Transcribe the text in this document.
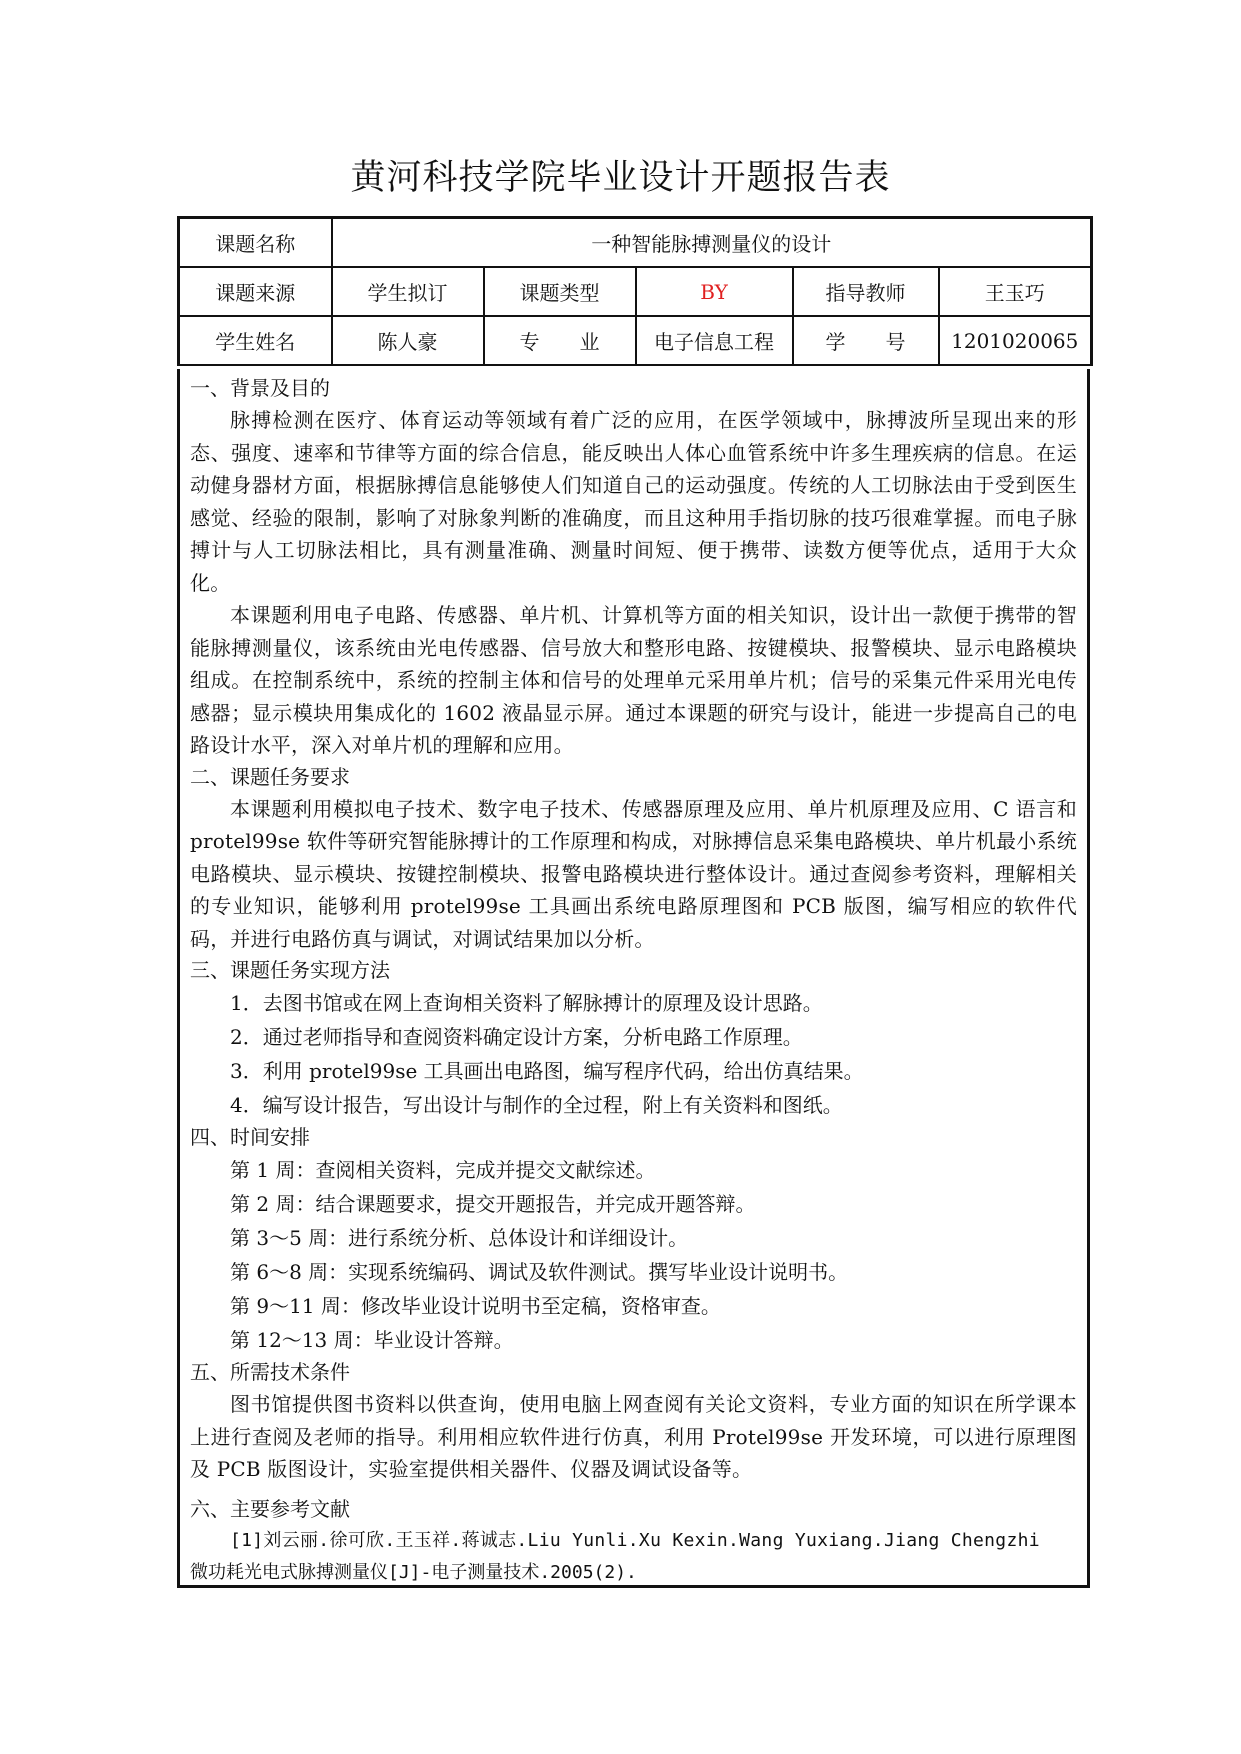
黄河科技学院毕业设计开题报告表
课题名称	一种智能脉搏测量仪的设计				
课题来源	学生拟订	课题类型	BY	指导教师	王玉巧
学生姓名	陈人豪	专　　业	电子信息工程	学　　号	1201020065

一、背景及目的

脉搏检测在医疗、体育运动等领域有着广泛的应用，在医学领域中，脉搏波所呈现出来的形态、强度、速率和节律等方面的综合信息，能反映出人体心血管系统中许多生理疾病的信息。在运动健身器材方面，根据脉搏信息能够使人们知道自己的运动强度。传统的人工切脉法由于受到医生感觉、经验的限制，影响了对脉象判断的准确度，而且这种用手指切脉的技巧很难掌握。而电子脉搏计与人工切脉法相比，具有测量准确、测量时间短、便于携带、读数方便等优点，适用于大众化。

本课题利用电子电路、传感器、单片机、计算机等方面的相关知识，设计出一款便于携带的智能脉搏测量仪，该系统由光电传感器、信号放大和整形电路、按键模块、报警模块、显示电路模块组成。在控制系统中，系统的控制主体和信号的处理单元采用单片机；信号的采集元件采用光电传感器；显示模块用集成化的 1602 液晶显示屏。通过本课题的研究与设计，能进一步提高自己的电路设计水平，深入对单片机的理解和应用。

二、课题任务要求

本课题利用模拟电子技术、数字电子技术、传感器原理及应用、单片机原理及应用、C 语言和 protel99se 软件等研究智能脉搏计的工作原理和构成，对脉搏信息采集电路模块、单片机最小系统电路模块、显示模块、按键控制模块、报警电路模块进行整体设计。通过查阅参考资料，理解相关的专业知识，能够利用 protel99se 工具画出系统电路原理图和 PCB 版图，编写相应的软件代码，并进行电路仿真与调试，对调试结果加以分析。

三、课题任务实现方法

1．去图书馆或在网上查询相关资料了解脉搏计的原理及设计思路。

2．通过老师指导和查阅资料确定设计方案，分析电路工作原理。

3．利用 protel99se 工具画出电路图，编写程序代码，给出仿真结果。

4．编写设计报告，写出设计与制作的全过程，附上有关资料和图纸。

四、时间安排

第 1 周：查阅相关资料，完成并提交文献综述。

第 2 周：结合课题要求，提交开题报告，并完成开题答辩。

第 3～5 周：进行系统分析、总体设计和详细设计。

第 6～8 周：实现系统编码、调试及软件测试。撰写毕业设计说明书。

第 9～11 周：修改毕业设计说明书至定稿，资格审查。

第 12～13 周：毕业设计答辩。

五、所需技术条件

图书馆提供图书资料以供查询，使用电脑上网查阅有关论文资料，专业方面的知识在所学课本上进行查阅及老师的指导。利用相应软件进行仿真，利用 Protel99se 开发环境，可以进行原理图及 PCB 版图设计，实验室提供相关器件、仪器及调试设备等。

六、主要参考文献

[1]刘云丽.徐可欣.王玉祥.蒋诚志.Liu Yunli.Xu Kexin.Wang Yuxiang.Jiang Chengzhi

微功耗光电式脉搏测量仪[J]-电子测量技术.2005(2).
